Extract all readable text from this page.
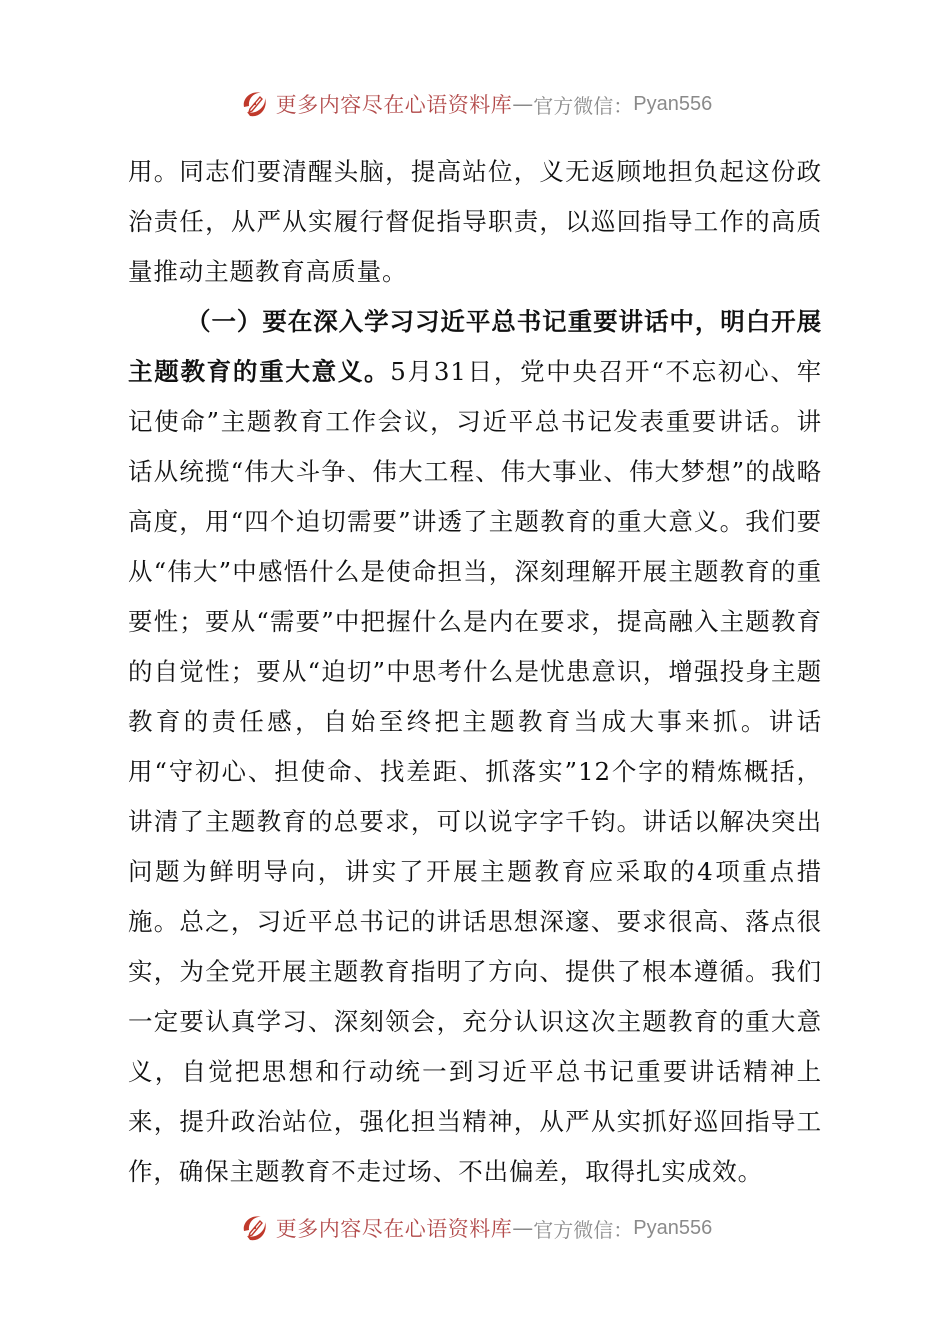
更多内容尽在心语资料库 — 官方微信： Pyan556

用。同志们要清醒头脑，提高站位，义无返顾地担负起这份政治责任，从严从实履行督促指导职责，以巡回指导工作的高质量推动主题教育高质量。

（一）要在深入学习习近平总书记重要讲话中，明白开展主题教育的重大意义。5月31日，党中央召开“不忘初心、牢记使命”主题教育工作会议，习近平总书记发表重要讲话。讲话从统揽“伟大斗争、伟大工程、伟大事业、伟大梦想”的战略高度，用“四个迫切需要”讲透了主题教育的重大意义。我们要从“伟大”中感悟什么是使命担当，深刻理解开展主题教育的重要性；要从“需要”中把握什么是内在要求，提高融入主题教育的自觉性；要从“迫切”中思考什么是忧患意识，增强投身主题教育的责任感，自始至终把主题教育当成大事来抓。讲话用“守初心、担使命、找差距、抓落实”12个字的精炼概括，讲清了主题教育的总要求，可以说字字千钧。讲话以解决突出问题为鲜明导向，讲实了开展主题教育应采取的4项重点措施。总之，习近平总书记的讲话思想深邃、要求很高、落点很实，为全党开展主题教育指明了方向、提供了根本遵循。我们一定要认真学习、深刻领会，充分认识这次主题教育的重大意义，自觉把思想和行动统一到习近平总书记重要讲话精神上来，提升政治站位，强化担当精神，从严从实抓好巡回指导工作，确保主题教育不走过场、不出偏差，取得扎实成效。

更多内容尽在心语资料库 — 官方微信： Pyan556
